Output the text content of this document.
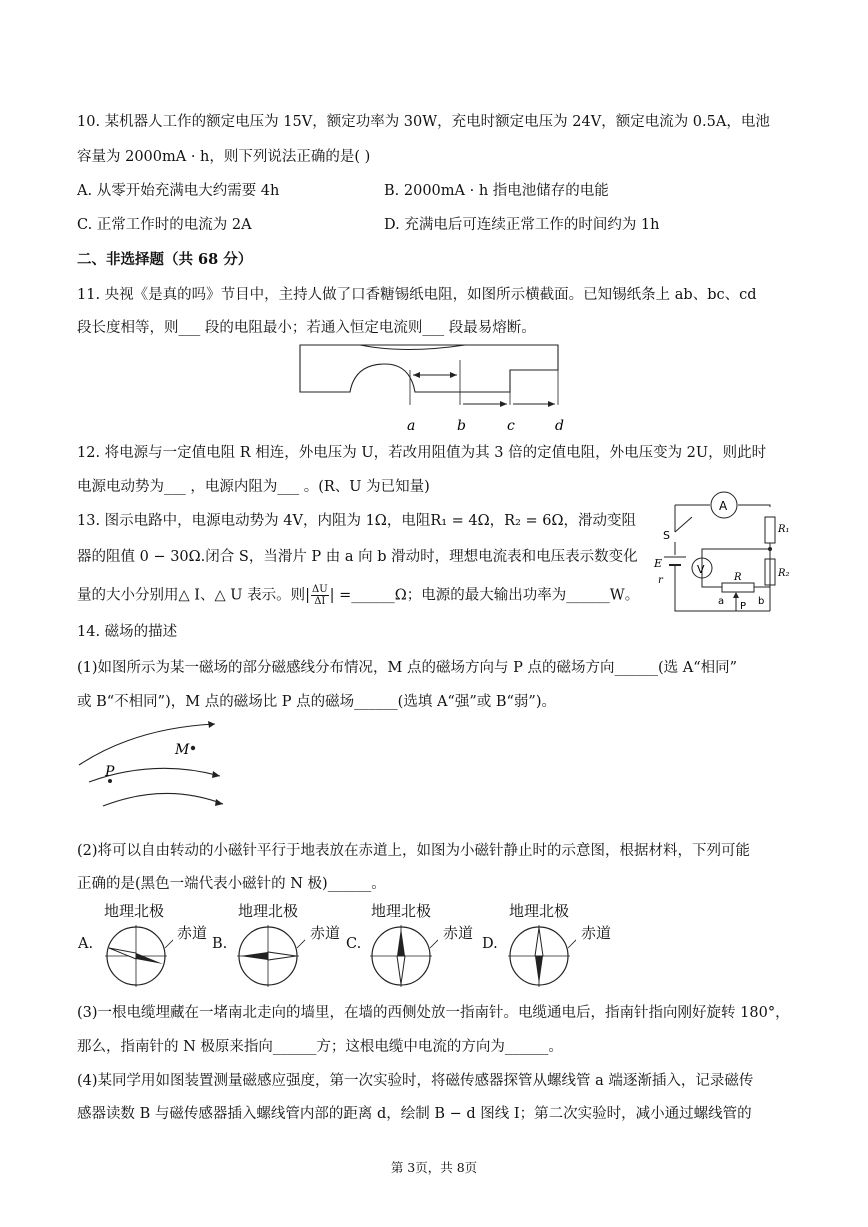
10. 某机器人工作的额定电压为 15V，额定功率为 30W，充电时额定电压为 24V，额定电流为 0.5A，电池
容量为 2000mA · h，则下列说法正确的是( )
A. 从零开始充满电大约需要 4h	B. 2000mA · h 指电池储存的电能
C. 正常工作时的电流为 2A	D. 充满电后可连续正常工作的时间约为 1h
二、非选择题（共 68 分）
11. 央视《是真的吗》节目中，主持人做了口香糖锡纸电阻，如图所示横截面。已知锡纸条上 ab、bc、cd
段长度相等，则___ 段的电阻最小；若通入恒定电流则___ 段最易熔断。
a	b	c	d
12. 将电源与一定值电阻 R 相连，外电压为 U，若改用阻值为其 3 倍的定值电阻，外电压变为 2U，则此时
电源电动势为___ ，电源内阻为___ 。(R、U 为已知量)
13. 图示电路中，电源电动势为 4V，内阻为 1Ω，电阻R₁ = 4Ω，R₂ = 6Ω，滑动变阻
器的阻值 0 − 30Ω.闭合 S，当滑片 P 由 a 向 b 滑动时，理想电流表和电压表示数变化
量的大小分别用△ I、△ U 表示。则| $\frac{\Delta U}{\Delta I}$ | =______Ω；电源的最大输出功率为______W。
A
V
S
E
r
R₁
R₂
R
a	b
P
14. 磁场的描述
(1)如图所示为某一磁场的部分磁感线分布情况，M 点的磁场方向与 P 点的磁场方向______(选 A“相同”
或 B“不相同”)，M 点的磁场比 P 点的磁场______(选填 A“强”或 B“弱”)。
M
P
(2)将可以自由转动的小磁针平行于地表放在赤道上，如图为小磁针静止时的示意图，根据材料，下列可能
正确的是(黑色一端代表小磁针的 N 极)______。
A.
地理北极
赤道
B.
地理北极
赤道
C.
地理北极
赤道
D.
地理北极
赤道
(3)一根电缆埋藏在一堵南北走向的墙里，在墙的西侧处放一指南针。电缆通电后，指南针指向刚好旋转 180°，
那么，指南针的 N 极原来指向______方；这根电缆中电流的方向为______。
(4)某同学用如图装置测量磁感应强度，第一次实验时，将磁传感器探管从螺线管 a 端逐渐插入，记录磁传
感器读数 B 与磁传感器插入螺线管内部的距离 d，绘制 B − d 图线 I；第二次实验时，减小通过螺线管的
第 3页，共 8页
